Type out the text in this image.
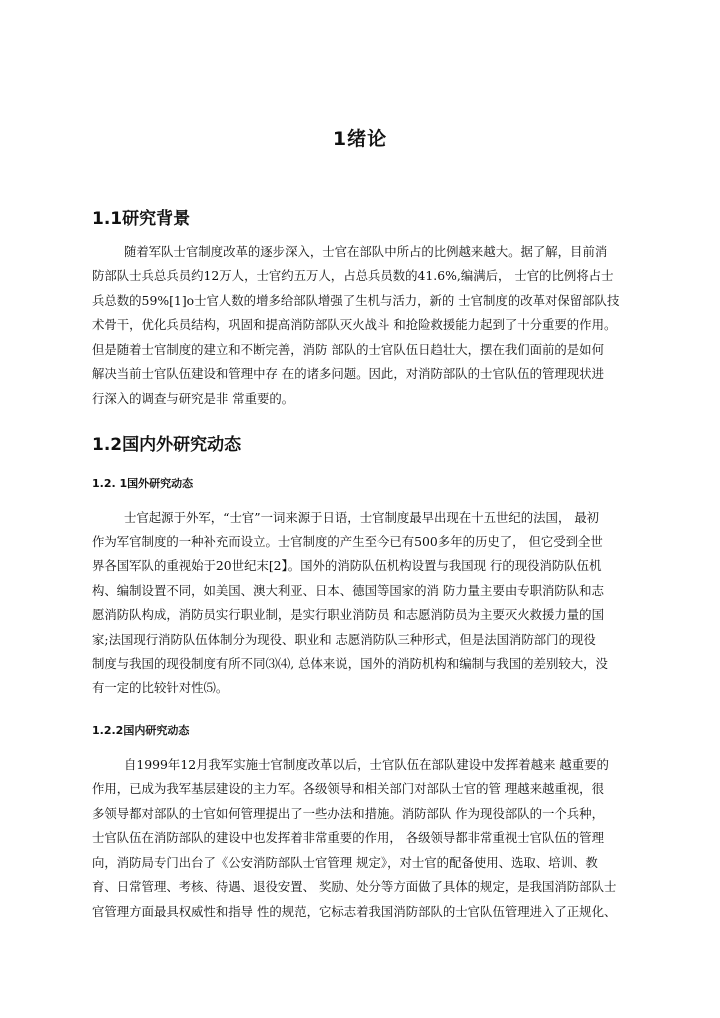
1绪论
1.1研究背景
随着军队士官制度改革的逐步深入，士官在部队中所占的比例越来越大。据了解，目前消
防部队士兵总兵员约12万人，士官约五万人，占总兵员数的41.6%,编满后， 士官的比例将占士
兵总数的59%[1]o士官人数的增多给部队增强了生机与活力，新的 士官制度的改革对保留部队技
术骨干，优化兵员结构，巩固和提高消防部队灭火战斗 和抢险救援能力起到了十分重要的作用。
但是随着士官制度的建立和不断完善，消防 部队的士官队伍日趋壮大，摆在我们面前的是如何
解决当前士官队伍建设和管理中存 在的诸多问题。因此，对消防部队的士官队伍的管理现状进
行深入的调查与研究是非 常重要的。
1.2国内外研究动态
1.2. 1国外研究动态
士官起源于外军，“士官”一词来源于日语，士官制度最早出现在十五世纪的法国， 最初
作为军官制度的一种补充而设立。士官制度的产生至今已有500多年的历史了， 但它受到全世
界各国军队的重视始于20世纪末[2】。国外的消防队伍机构设置与我国现 行的现役消防队伍机
构、编制设置不同，如美国、澳大利亚、日本、德国等国家的消 防力量主要由专职消防队和志
愿消防队构成，消防员实行职业制，是实行职业消防员 和志愿消防员为主要灭火救援力量的国
家;法国现行消防队伍体制分为现役、职业和 志愿消防队三种形式，但是法国消防部门的现役
制度与我国的现役制度有所不同⑶⑷, 总体来说，国外的消防机构和编制与我国的差别较大，没
有一定的比较针对性⑸。
1.2.2国内研究动态
自1999年12月我军实施士官制度改革以后，士官队伍在部队建设中发挥着越来 越重要的
作用，已成为我军基层建设的主力军。各级领导和相关部门对部队士官的管 理越来越重视，很
多领导都对部队的士官如何管理提出了一些办法和措施。消防部队 作为现役部队的一个兵种，
士官队伍在消防部队的建设中也发挥着非常重要的作用， 各级领导都非常重视士官队伍的管理
向，消防局专门出台了《公安消防部队士官管理 规定》，对士官的配备使用、选取、培训、教
育、日常管理、考核、待遇、退役安置、 奖励、处分等方面做了具体的规定，是我国消防部队士
官管理方面最具权威性和指导 性的规范，它标志着我国消防部队的士官队伍管理进入了正规化、
